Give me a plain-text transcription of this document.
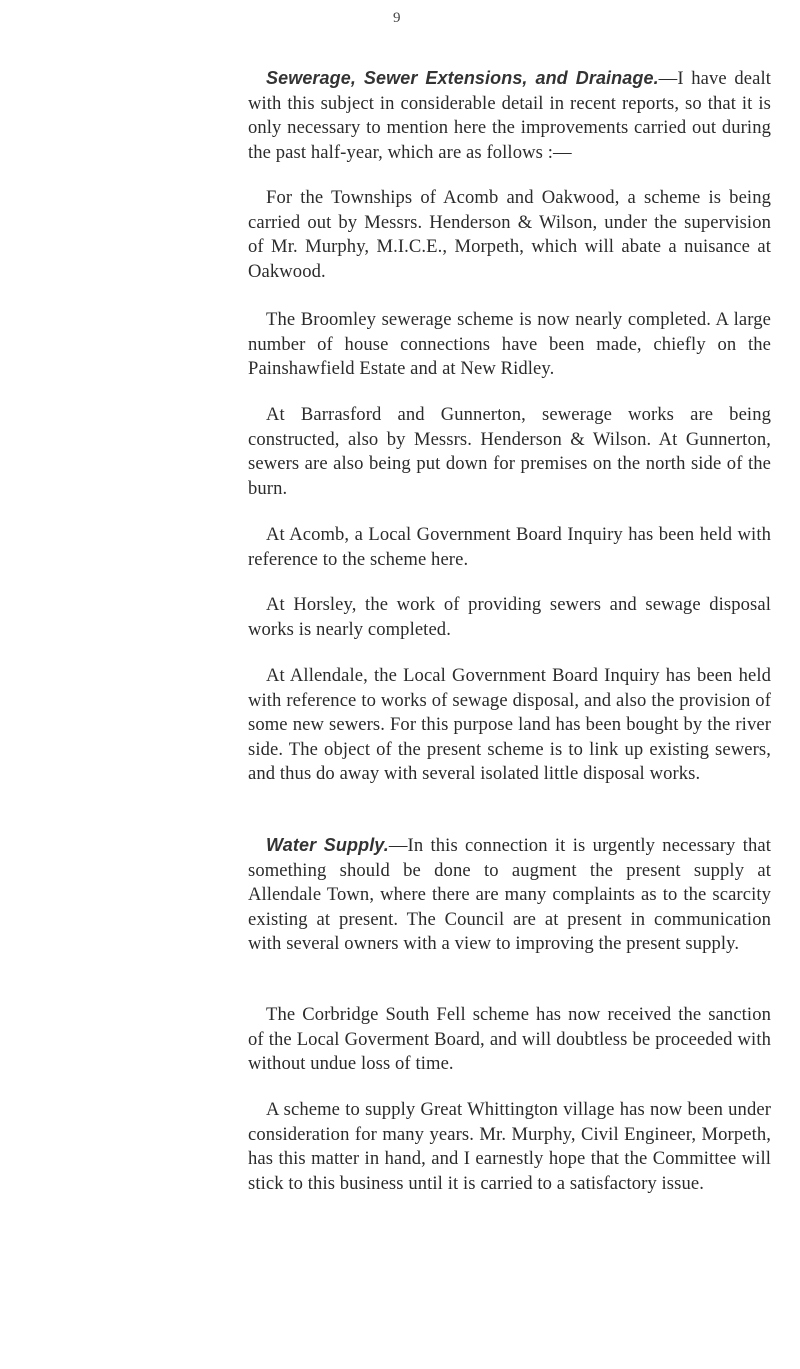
9

Sewerage, Sewer Extensions, and Drainage.—I have dealt with this subject in considerable detail in recent reports, so that it is only necessary to mention here the improvements carried out during the past half-year, which are as follows :—

For the Townships of Acomb and Oakwood, a scheme is being carried out by Messrs. Henderson & Wilson, under the supervision of Mr. Murphy, M.I.C.E., Morpeth, which will abate a nuisance at Oakwood.

The Broomley sewerage scheme is now nearly completed. A large number of house connections have been made, chiefly on the Painshawfield Estate and at New Ridley.

At Barrasford and Gunnerton, sewerage works are being constructed, also by Messrs. Henderson & Wilson. At Gunnerton, sewers are also being put down for premises on the north side of the burn.

At Acomb, a Local Government Board Inquiry has been held with reference to the scheme here.

At Horsley, the work of providing sewers and sewage disposal works is nearly completed.

At Allendale, the Local Government Board Inquiry has been held with reference to works of sewage disposal, and also the provision of some new sewers. For this purpose land has been bought by the river side. The object of the present scheme is to link up existing sewers, and thus do away with several isolated little disposal works.

Water Supply.—In this connection it is urgently necessary that something should be done to augment the present supply at Allendale Town, where there are many complaints as to the scarcity existing at present. The Council are at present in communication with several owners with a view to improving the present supply.

The Corbridge South Fell scheme has now received the sanction of the Local Goverment Board, and will doubtless be proceeded with without undue loss of time.

A scheme to supply Great Whittington village has now been under consideration for many years. Mr. Murphy, Civil Engineer, Morpeth, has this matter in hand, and I earnestly hope that the Committee will stick to this business until it is carried to a satisfactory issue.
